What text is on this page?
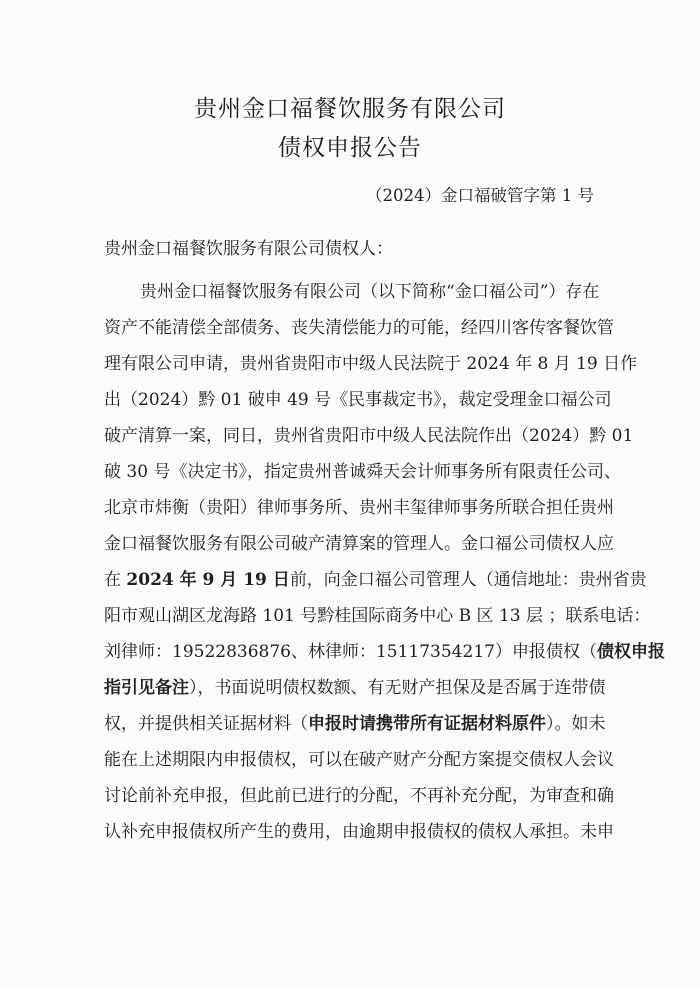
贵州金口福餐饮服务有限公司
债权申报公告
（2024）金口福破管字第 1 号
贵州金口福餐饮服务有限公司债权人：
贵州金口福餐饮服务有限公司（以下简称“金口福公司”）存在
资产不能清偿全部债务、丧失清偿能力的可能，经四川客传客餐饮管
理有限公司申请，贵州省贵阳市中级人民法院于 2024 年 8 月 19 日作
出（2024）黔 01 破申 49 号《民事裁定书》，裁定受理金口福公司
破产清算一案，同日，贵州省贵阳市中级人民法院作出（2024）黔 01
破 30 号《决定书》，指定贵州普诚舜天会计师事务所有限责任公司、
北京市炜衡（贵阳）律师事务所、贵州丰玺律师事务所联合担任贵州
金口福餐饮服务有限公司破产清算案的管理人。金口福公司债权人应
在 2024 年 9 月 19 日前，向金口福公司管理人（通信地址：贵州省贵
阳市观山湖区龙海路 101 号黔桂国际商务中心 B 区 13 层 ；联系电话：
刘律师：19522836876、林律师：15117354217）申报债权（债权申报
指引见备注），书面说明债权数额、有无财产担保及是否属于连带债
权，并提供相关证据材料（申报时请携带所有证据材料原件）。如未
能在上述期限内申报债权，可以在破产财产分配方案提交债权人会议
讨论前补充申报，但此前已进行的分配，不再补充分配，为审查和确
认补充申报债权所产生的费用，由逾期申报债权的债权人承担。未申
